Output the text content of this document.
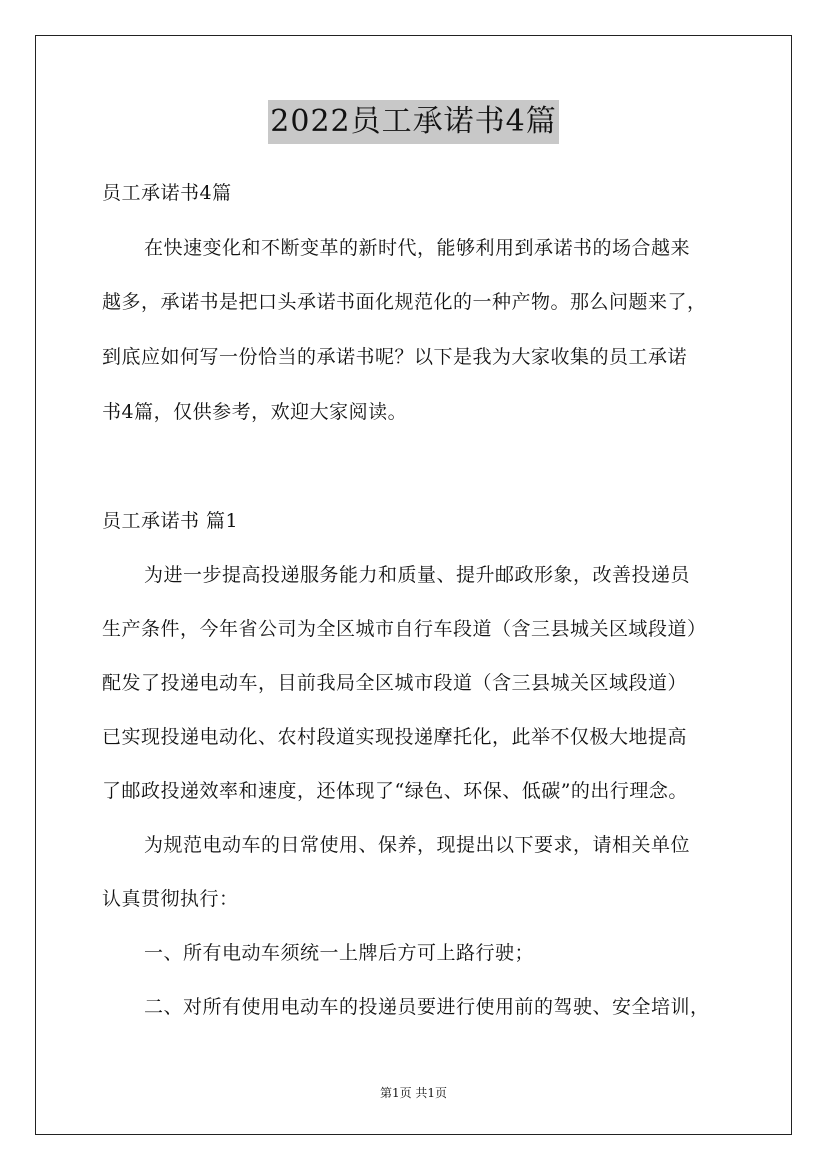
2022员工承诺书4篇
员工承诺书4篇
在快速变化和不断变革的新时代，能够利用到承诺书的场合越来
越多，承诺书是把口头承诺书面化规范化的一种产物。那么问题来了，
到底应如何写一份恰当的承诺书呢？以下是我为大家收集的员工承诺
书4篇，仅供参考，欢迎大家阅读。
员工承诺书 篇1
为进一步提高投递服务能力和质量、提升邮政形象，改善投递员
生产条件，今年省公司为全区城市自行车段道（含三县城关区域段道）
配发了投递电动车，目前我局全区城市段道（含三县城关区域段道）
已实现投递电动化、农村段道实现投递摩托化，此举不仅极大地提高
了邮政投递效率和速度，还体现了“绿色、环保、低碳”的出行理念。
为规范电动车的日常使用、保养，现提出以下要求，请相关单位
认真贯彻执行：
一、所有电动车须统一上牌后方可上路行驶；
二、对所有使用电动车的投递员要进行使用前的驾驶、安全培训，
第1页 共1页
